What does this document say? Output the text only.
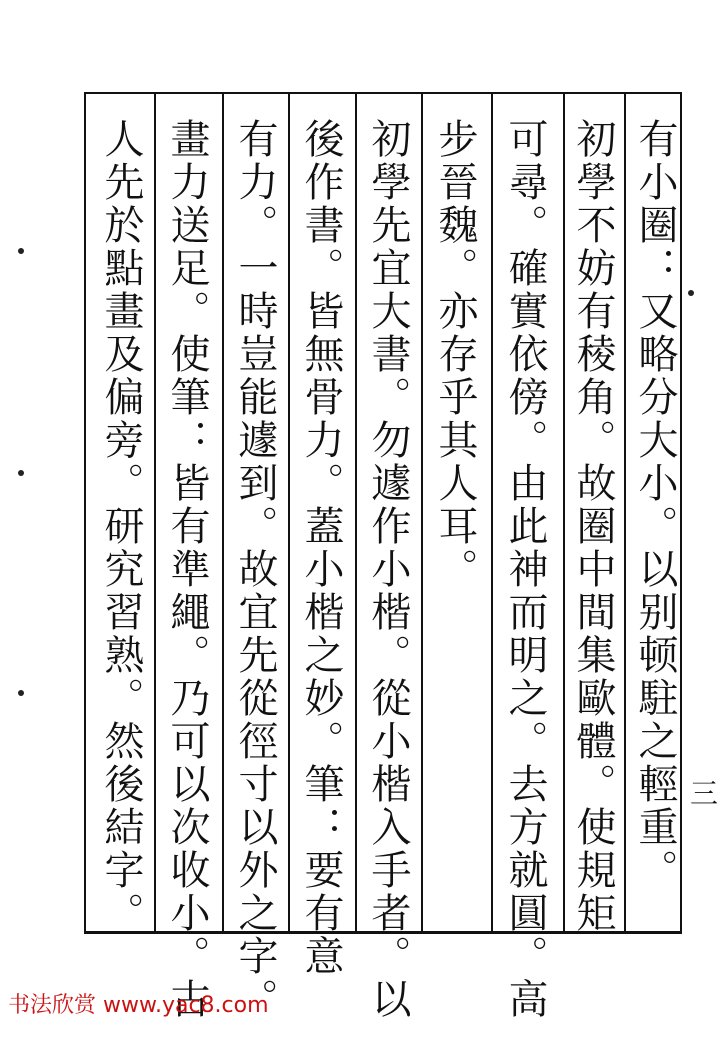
有小圈：又略分大小。以别顿駐之輕重。
初學不妨有稜角。故圈中間集歐體。使規矩
可尋。確實依傍。由此神而明之。去方就圓。高
步晉魏。亦存乎其人耳。
初學先宜大書。勿遽作小楷。從小楷入手者。以
後作書。皆無骨力。蓋小楷之妙。筆：要有意
有力。一時豈能遽到。故宜先從徑寸以外之字。
畫力送足。使筆：皆有準繩。乃可以次收小。古
人先於點畫及偏旁。研究習熟。然後結字。	三
书法欣赏 www.yac8.com
